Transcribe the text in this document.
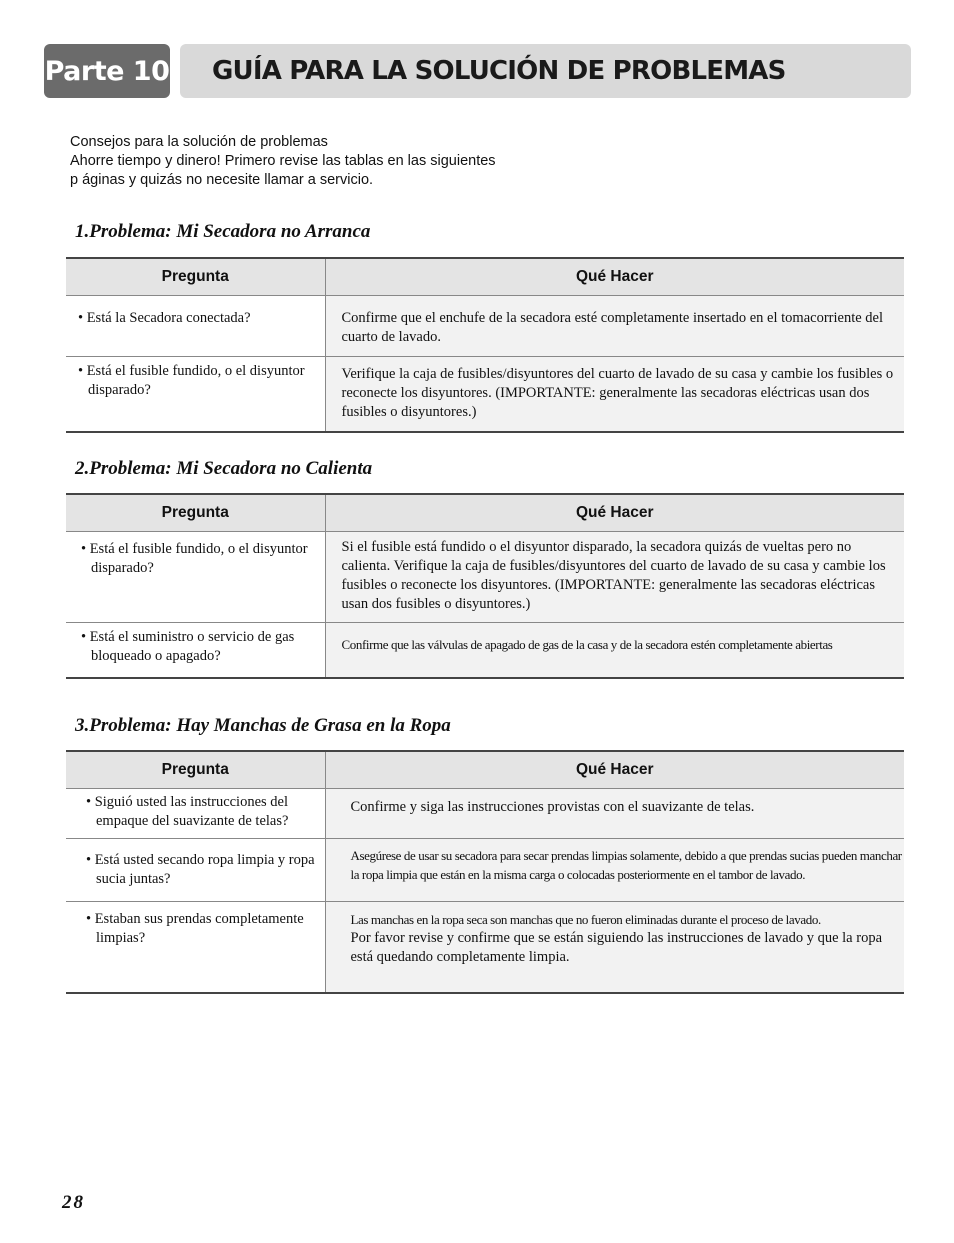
Parte 10 GUÍA PARA LA SOLUCIÓN DE PROBLEMAS
Consejos para la solución de problemas
Ahorre tiempo y dinero! Primero revise las tablas en las siguientes
p áginas y quizás no necesite llamar a servicio.
1.Problema: Mi Secadora no Arranca
Pregunta	Qué Hacer

• Está la Secadora conectada?	Confirme que el enchufe de la secadora esté completamente insertado en el tomacorriente del cuarto de lavado.

• Está el fusible fundido, o el disyuntor disparado?	Verifique la caja de fusibles/disyuntores del cuarto de lavado de su casa y cambie los fusibles o reconecte los disyuntores. (IMPORTANTE: generalmente las secadoras eléctricas usan dos fusibles o disyuntores.)
2.Problema: Mi Secadora no Calienta
Pregunta	Qué Hacer

• Está el fusible fundido, o el disyuntor disparado?	Si el fusible está fundido o el disyuntor disparado, la secadora quizás de vueltas pero no calienta. Verifique la caja de fusibles/disyuntores del cuarto de lavado de su casa y cambie los fusibles o reconecte los disyuntores. (IMPORTANTE: generalmente las secadoras eléctricas usan dos fusibles o disyuntores.)

• Está el suministro o servicio de gas bloqueado o apagado?	Confirme que las válvulas de apagado de gas de la casa y de la secadora estén completamente abiertas
3.Problema: Hay Manchas de Grasa en la Ropa
Pregunta	Qué Hacer

• Siguió usted las instrucciones del empaque del suavizante de telas?	Confirme y siga las instrucciones provistas con el suavizante de telas.

• Está usted secando ropa limpia y ropa sucia juntas?	Asegúrese de usar su secadora para secar prendas limpias solamente, debido a que prendas sucias pueden manchar la ropa limpia que están en la misma carga o colocadas posteriormente en el tambor de lavado.

• Estaban sus prendas completamente limpias?	Las manchas en la ropa seca son manchas que no fueron eliminadas durante el proceso de lavado.
Por favor revise y confirme que se están siguiendo las instrucciones de lavado y que la ropa está quedando completamente limpia.
28
